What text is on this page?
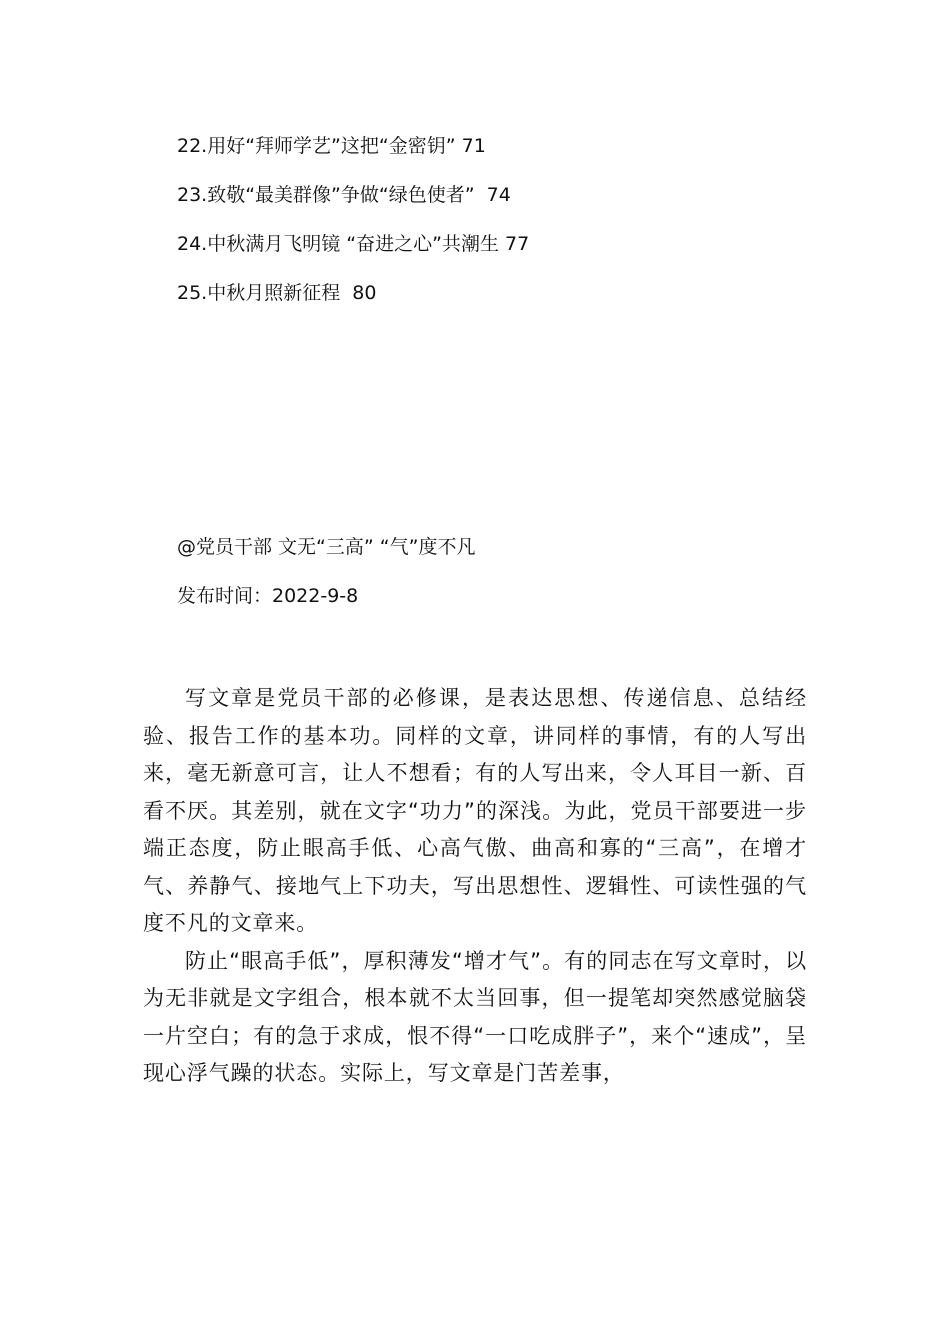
22.用好“拜师学艺”这把“金密钥” 71
23.致敬“最美群像”争做“绿色使者”  74
24.中秋满月飞明镜 “奋进之心”共潮生 77
25.中秋月照新征程  80
@党员干部 文无“三高” “气”度不凡
发布时间：2022-9-8

写文章是党员干部的必修课，是表达思想、传递信息、总结经验、报告工作的基本功。同样的文章，讲同样的事情，有的人写出来，毫无新意可言，让人不想看；有的人写出来，令人耳目一新、百看不厌。其差别，就在文字“功力”的深浅。为此，党员干部要进一步端正态度，防止眼高手低、心高气傲、曲高和寡的“三高”，在增才气、养静气、接地气上下功夫，写出思想性、逻辑性、可读性强的气度不凡的文章来。

防止“眼高手低”，厚积薄发“增才气”。有的同志在写文章时，以为无非就是文字组合，根本就不太当回事，但一提笔却突然感觉脑袋一片空白；有的急于求成，恨不得“一口吃成胖子”，来个“速成”，呈现心浮气躁的状态。实际上，写文章是门苦差事，
